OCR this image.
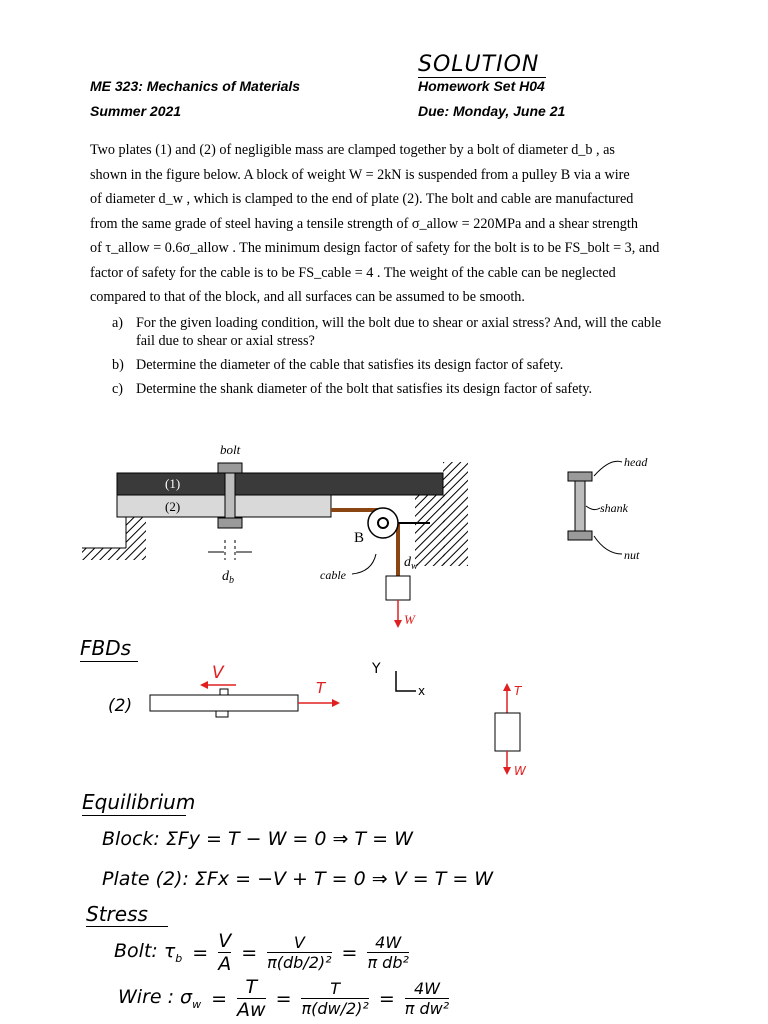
SOLUTION
ME 323: Mechanics of Materials
Summer 2021
Homework Set H04
Due: Monday, June 21
Two plates (1) and (2) of negligible mass are clamped together by a bolt of diameter d_b , as
shown in the figure below. A block of weight W = 2kN is suspended from a pulley B via a wire
of diameter d_w , which is clamped to the end of plate (2). The bolt and cable are manufactured
from the same grade of steel having a tensile strength of σ_allow = 220MPa and a shear strength
of τ_allow = 0.6σ_allow . The minimum design factor of safety for the bolt is to be FS_bolt = 3, and
factor of safety for the cable is to be FS_cable = 4 . The weight of the cable can be neglected
compared to that of the block, and all surfaces can be assumed to be smooth.
a) For the given loading condition, will the bolt due to shear or axial stress? And, will the cable fail due to shear or axial stress?
b) Determine the diameter of the cable that satisfies its design factor of safety.
c) Determine the shank diameter of the bolt that satisfies its design factor of safety.
(1)
(2)
bolt
$d_b$
B
$d_w$
cable
W
head
shank
nut
FBDs
(2)
V
T
Y
x	T
W
Equilibrium
Block: ΣFy = T − W = 0 ⇒ T = W
Plate (2): ΣFx = −V + T = 0 ⇒ V = T = W
Stress
Bolt: $\tau_b = \frac{V}{A} = \frac{V}{\text{π(db/2)²}} = \frac{4W}{\text{π db²}}$
Wire : $\sigma_w = \frac{T}{Aw} = \frac{T}{\text{π(dw/2)²}} = \frac{4W}{\text{π dw²}}$
